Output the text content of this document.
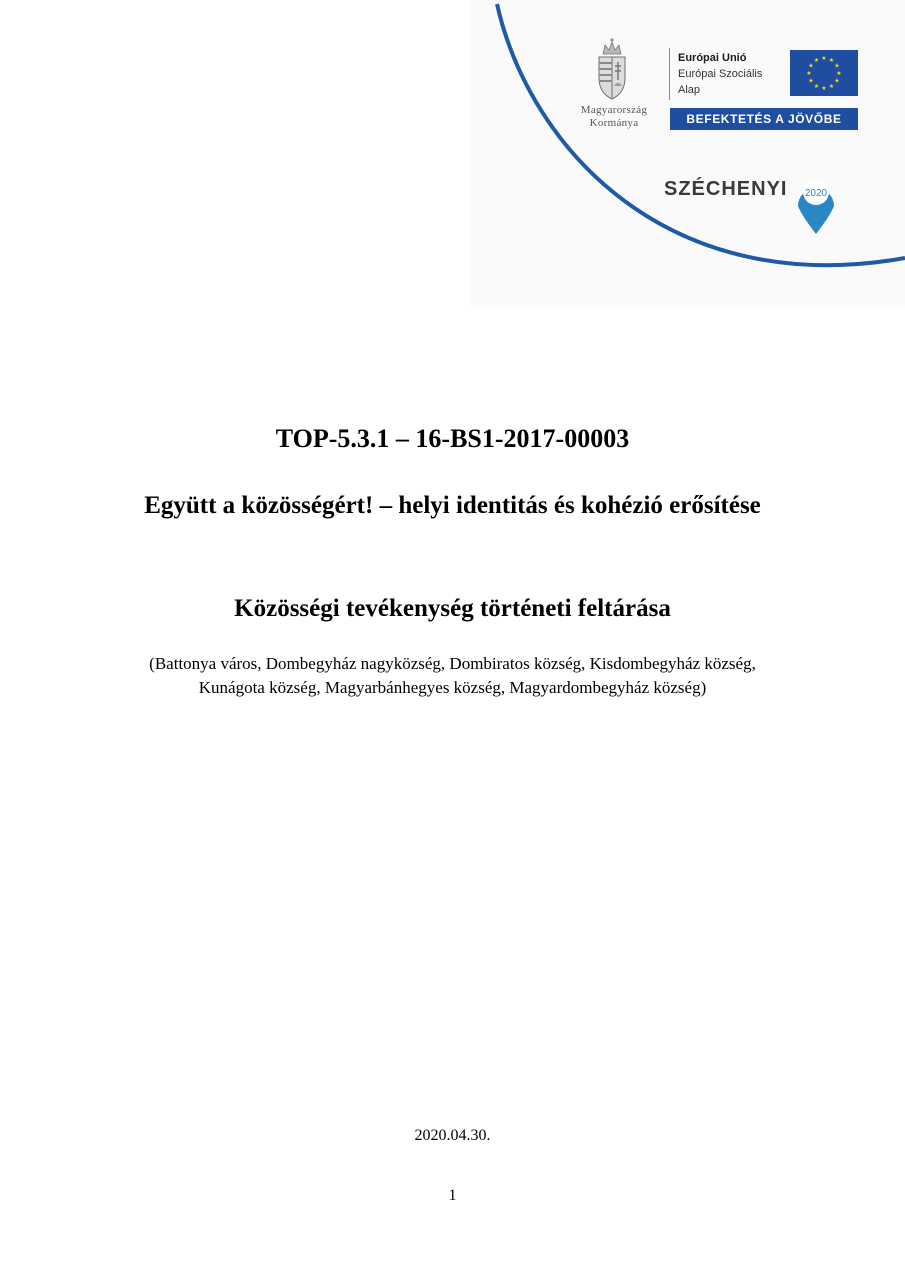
Magyarország
Kormánya
Európai Unió
Európai Szociális
Alap
★ ★
★
★
★
★
★
★
★
★
★
★
BEFEKTETÉS A JÖVŐBE
SZÉCHENYI 2020
TOP-5.3.1 – 16-BS1-2017-00003
Együtt a közösségért! – helyi identitás és kohézió erősítése
Közösségi tevékenység történeti feltárása
(Battonya város, Dombegyház nagyközség, Dombiratos község, Kisdombegyház község,
Kunágota község, Magyarbánhegyes község, Magyardombegyház község)
2020.04.30.
1
